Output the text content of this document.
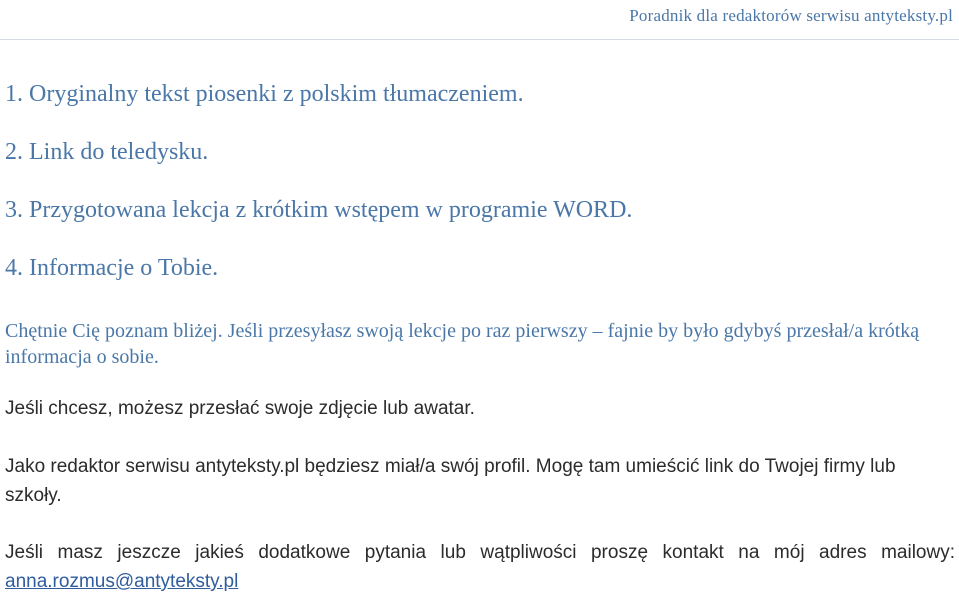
Poradnik dla redaktorów serwisu antyteksty.pl
1. Oryginalny tekst piosenki z polskim tłumaczeniem.
2. Link do teledysku.
3. Przygotowana lekcja z krótkim wstępem w programie WORD.
4. Informacje o Tobie.
Chętnie Cię poznam bliżej. Jeśli przesyłasz swoją lekcje po raz pierwszy – fajnie by było gdybyś przesłał/a krótką informacja o sobie.
Jeśli chcesz, możesz przesłać swoje zdjęcie lub awatar.
Jako redaktor serwisu antyteksty.pl będziesz miał/a swój profil. Mogę tam umieścić link do Twojej firmy lub szkoły.
Jeśli masz jeszcze jakieś dodatkowe pytania lub wątpliwości proszę kontakt na mój adres mailowy: anna.rozmus@antyteksty.pl
